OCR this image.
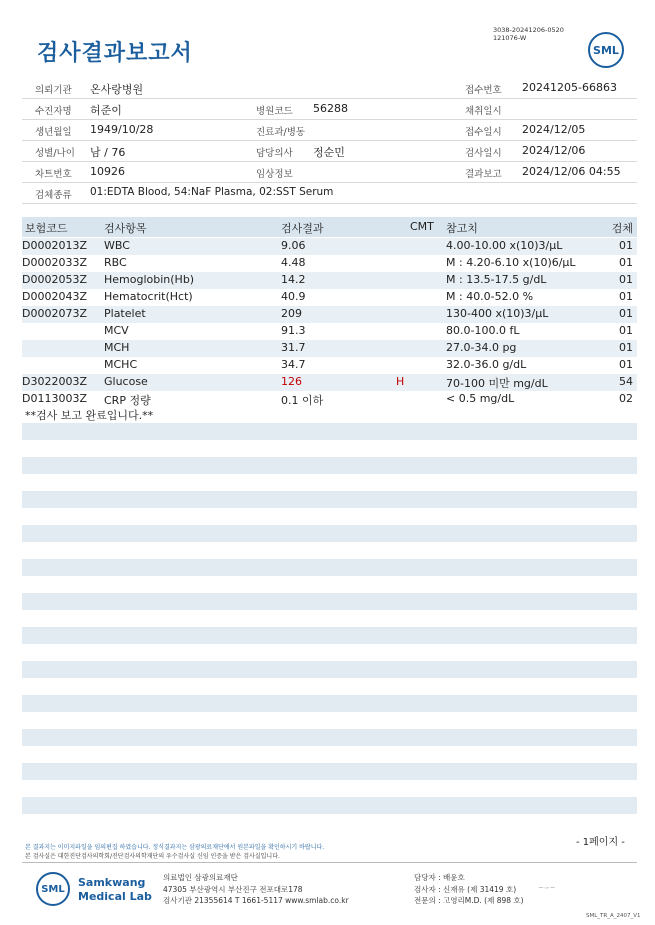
검사결과보고서
3038-20241206-0520
121076-W
SML
의뢰기관 온사랑병원	접수번호 20241205-66863
수진자명 허준이	병원코드 56288	채취일시
생년월일 1949/10/28	진료과/병동	접수일시 2024/12/05
성별/나이 남 / 76	담당의사 정순민	검사일시 2024/12/06
차트번호 10926	임상정보	결과보고 2024/12/06 04:55
검체종류 01:EDTA Blood, 54:NaF Plasma, 02:SST Serum
보험코드	검사항목	검사결과	CMT 참고치	검체
D0002013Z WBC	9.06	4.00-10.00 x(10)3/μL	01
D0002033Z RBC	4.48	M : 4.20-6.10 x(10)6/μL	01
D0002053Z Hemoglobin(Hb)	14.2	M : 13.5-17.5 g/dL	01
D0002043Z Hematocrit(Hct)	40.9	M : 40.0-52.0 %	01
D0002073Z Platelet	209	130-400 x(10)3/μL	01
MCV	91.3	80.0-100.0 fL	01
MCH	31.7	27.0-34.0 pg	01
MCHC	34.7	32.0-36.0 g/dL	01
D3022003Z Glucose	126	H	70-100 미만 mg/dL	54
D0113003Z CRP 정량	0.1 이하	< 0.5 mg/dL	02
**검사 보고 완료입니다.**
- 1페이지 -
본 결과지는 이미지파일을 임의편집 하였습니다. 정식결과지는 삼광의료재단에서 원본파일을 확인하시기 바랍니다.
본 검사실은 대한진단검사의학회/진단검사의학재단의 우수검사실 신임 인증을 받은 검사실입니다.
SML Samkwang
Medical Lab
의료법인 삼광의료재단
47305 부산광역시 부산진구 전포대로178
검사기관 21355614 T 1661-5117 www.smlab.co.kr
담당자 : 배윤호
검사자 : 신재유 (제 31419 호)
전문의 : 고영리M.D. (제 898 호)
~∽~
SML_TR_A_2407_V1
